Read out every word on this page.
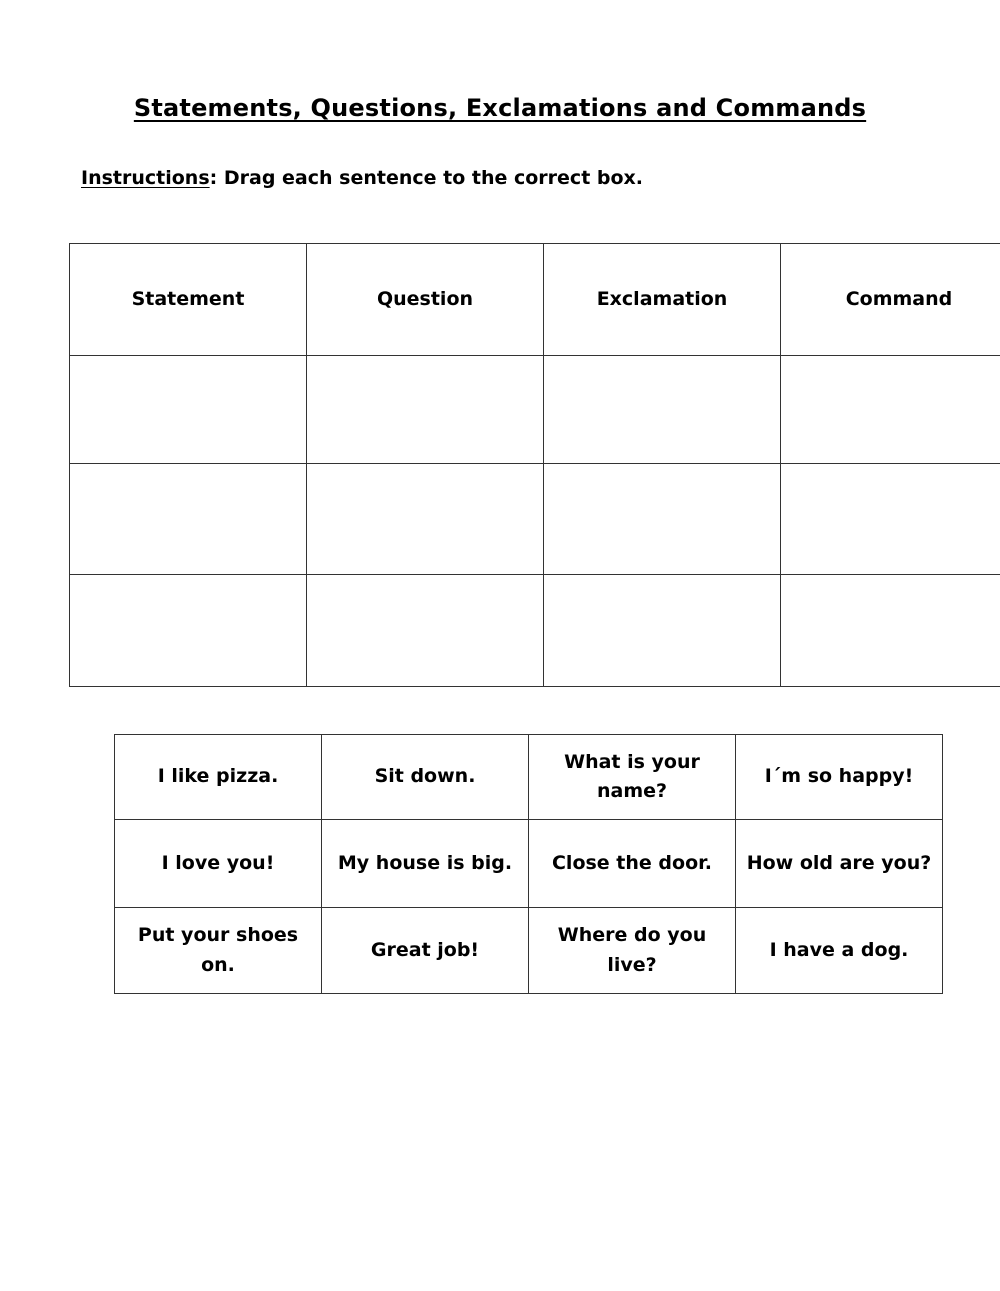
Statements, Questions, Exclamations and Commands
Instructions: Drag each sentence to the correct box.
Statement	Question	Exclamation	Command

I like pizza.	Sit down.	What is your name?	I´m so happy!
I love you!	My house is big.	Close the door.	How old are you?
Put your shoes on.	Great job!	Where do you live?	I have a dog.
